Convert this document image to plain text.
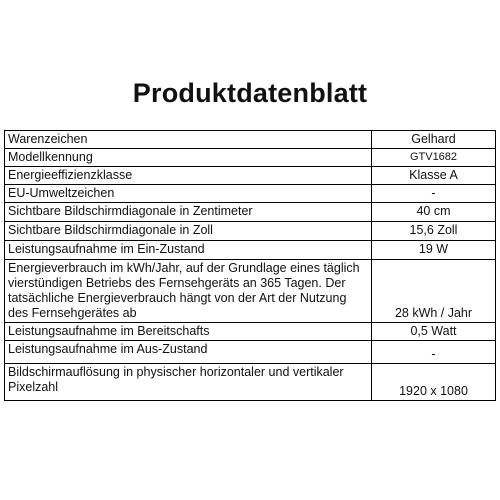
Produktdatenblatt
Warenzeichen	Gelhard
Modellkennung	GTV1682
Energieeffizienzklasse	Klasse A
EU-Umweltzeichen	-
Sichtbare Bildschirmdiagonale in Zentimeter	40 cm
Sichtbare Bildschirmdiagonale in Zoll	15,6 Zoll
Leistungsaufnahme im Ein-Zustand	19 W
Energieverbrauch im kWh/Jahr, auf der Grundlage eines täglich vierstündigen Betriebs des Fernsehgeräts an 365 Tagen. Der tatsächliche Energieverbrauch hängt von der Art der Nutzung des Fernsehgerätes ab	28 kWh / Jahr
Leistungsaufnahme im Bereitschafts	0,5 Watt
Leistungsaufnahme im Aus-Zustand	-
Bildschirmauflösung in physischer horizontaler und vertikaler Pixelzahl	1920 x 1080
